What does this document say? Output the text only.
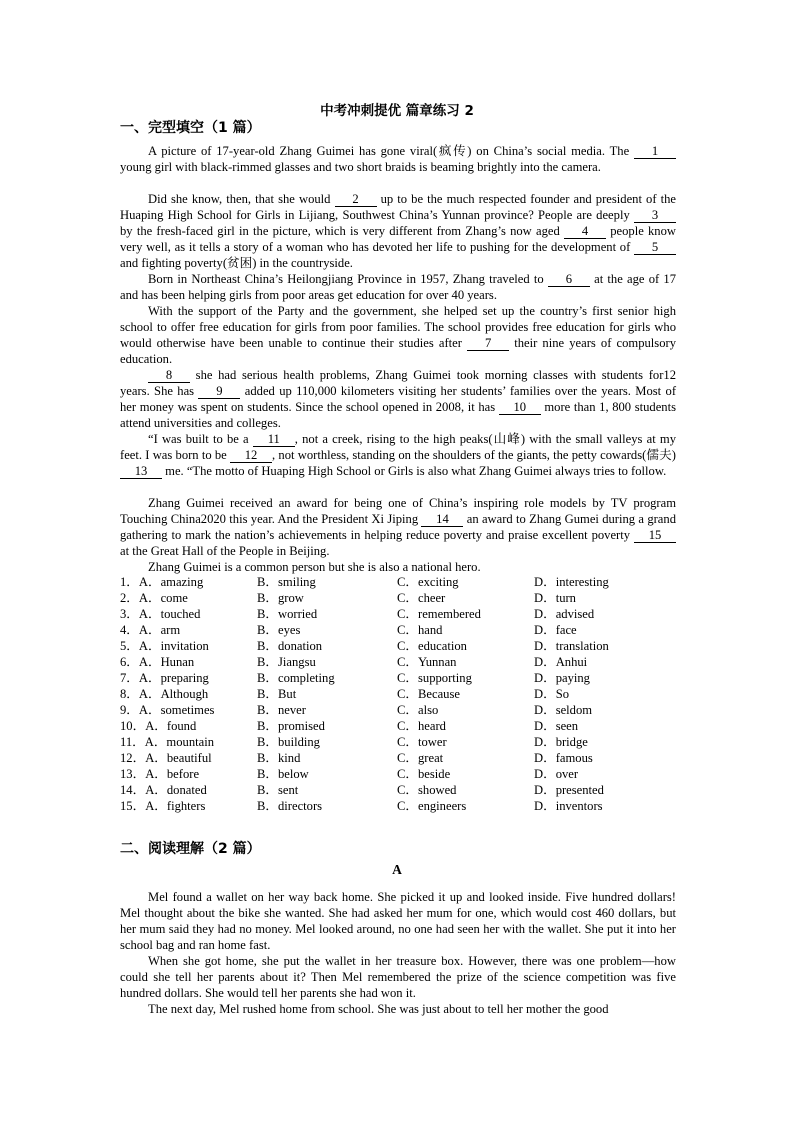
中考冲刺提优 篇章练习 2
一、完型填空（1 篇）

A picture of 17-year-old Zhang Guimei has gone viral(疯传) on China’s social media. The 1 young girl with black-rimmed glasses and two short braids is beaming brightly into the camera.

Did she know, then, that she would 2 up to be the much respected founder and president of the Huaping High School for Girls in Lijiang, Southwest China’s Yunnan province? People are deeply 3 by the fresh-faced girl in the picture, which is very different from Zhang’s now aged 4 people know very well, as it tells a story of a woman who has devoted her life to pushing for the development of 5 and fighting poverty(贫困) in the countryside.

Born in Northeast China’s Heilongjiang Province in 1957, Zhang traveled to 6 at the age of 17 and has been helping girls from poor areas get education for over 40 years.

With the support of the Party and the government, she helped set up the country’s first senior high school to offer free education for girls from poor families. The school provides free education for girls who would otherwise have been unable to continue their studies after 7 their nine years of compulsory education.

8 she had serious health problems, Zhang Guimei took morning classes with students for12 years. She has 9 added up 110,000 kilometers visiting her students’ families over the years. Most of her money was spent on students. Since the school opened in 2008, it has 10 more than 1, 800 students attend universities and colleges.

“I was built to be a 11 , not a creek, rising to the high peaks(山峰) with the small valleys at my feet. I was born to be 12 , not worthless, standing on the shoulders of the giants, the petty cowards(儒夫) 13 me. “The motto of Huaping High School or Girls is also what Zhang Guimei always tries to follow.

Zhang Guimei received an award for being one of China’s inspiring role models by TV program Touching China2020 this year. And the President Xi Jiping 14 an award to Zhang Gumei during a grand gathering to mark the nation’s achievements in helping reduce poverty and praise excellent poverty 15 at the Great Hall of the People in Beijing.

Zhang Guimei is a common person but she is also a national hero.

1．A．amazing	B．smiling	C．exciting	D．interesting
2．A．come	B．grow	C．cheer	D．turn
3．A．touched	B．worried	C．remembered	D．advised
4．A．arm	B．eyes	C．hand	D．face
5．A．invitation	B．donation	C．education	D．translation
6．A．Hunan	B．Jiangsu	C．Yunnan	D．Anhui
7．A．preparing	B．completing	C．supporting	D．paying
8．A．Although	B．But	C．Because	D．So
9．A．sometimes	B．never	C．also	D．seldom
10．A．found	B．promised	C．heard	D．seen
11．A．mountain	B．building	C．tower	D．bridge
12．A．beautiful	B．kind	C．great	D．famous
13．A．before	B．below	C．beside	D．over
14．A．donated	B．sent	C．showed	D．presented
15．A．fighters	B．directors	C．engineers	D．inventors
二、阅读理解（2 篇）
A

Mel found a wallet on her way back home. She picked it up and looked inside. Five hundred dollars! Mel thought about the bike she wanted. She had asked her mum for one, which would cost 460 dollars, but her mum said they had no money. Mel looked around, no one had seen her with the wallet. She put it into her school bag and ran home fast.

When she got home, she put the wallet in her treasure box. However, there was one problem—how could she tell her parents about it? Then Mel remembered the prize of the science competition was five hundred dollars. She would tell her parents she had won it.

The next day, Mel rushed home from school. She was just about to tell her mother the good
